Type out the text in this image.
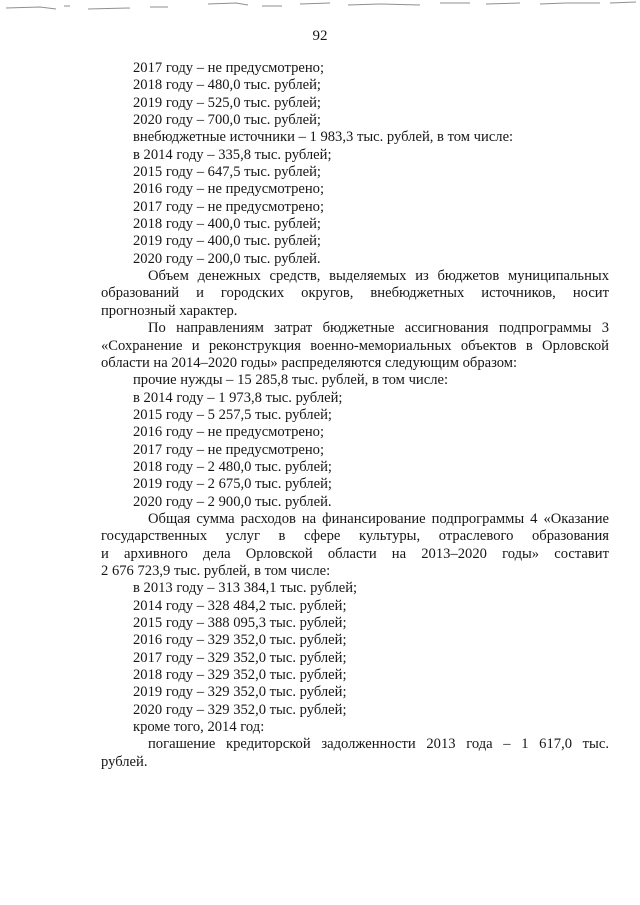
92
2017 году – не предусмотрено;
2018 году – 480,0 тыс. рублей;
2019 году – 525,0 тыс. рублей;
2020 году – 700,0 тыс. рублей;
внебюджетные источники – 1 983,3 тыс. рублей, в том числе:
в 2014 году – 335,8 тыс. рублей;
2015 году – 647,5 тыс. рублей;
2016 году – не предусмотрено;
2017 году – не предусмотрено;
2018 году – 400,0 тыс. рублей;
2019 году – 400,0 тыс. рублей;
2020 году – 200,0 тыс. рублей.
Объем денежных средств, выделяемых из бюджетов муниципальных
образований и городских округов, внебюджетных источников, носит
прогнозный характер.
По направлениям затрат бюджетные ассигнования подпрограммы 3
«Сохранение и реконструкция военно-мемориальных объектов в Орловской
области на 2014–2020 годы» распределяются следующим образом:
прочие нужды – 15 285,8 тыс. рублей, в том числе:
в 2014 году – 1 973,8 тыс. рублей;
2015 году – 5 257,5 тыс. рублей;
2016 году – не предусмотрено;
2017 году – не предусмотрено;
2018 году – 2 480,0 тыс. рублей;
2019 году – 2 675,0 тыс. рублей;
2020 году – 2 900,0 тыс. рублей.
Общая сумма расходов на финансирование подпрограммы 4 «Оказание
государственных услуг в сфере культуры, отраслевого образования
и архивного дела Орловской области на 2013–2020 годы» составит
2 676 723,9 тыс. рублей, в том числе:
в 2013 году – 313 384,1 тыс. рублей;
2014 году – 328 484,2 тыс. рублей;
2015 году – 388 095,3 тыс. рублей;
2016 году – 329 352,0 тыс. рублей;
2017 году – 329 352,0 тыс. рублей;
2018 году – 329 352,0 тыс. рублей;
2019 году – 329 352,0 тыс. рублей;
2020 году – 329 352,0 тыс. рублей;
кроме того, 2014 год:
погашение кредиторской задолженности 2013 года – 1 617,0 тыс.
рублей.
